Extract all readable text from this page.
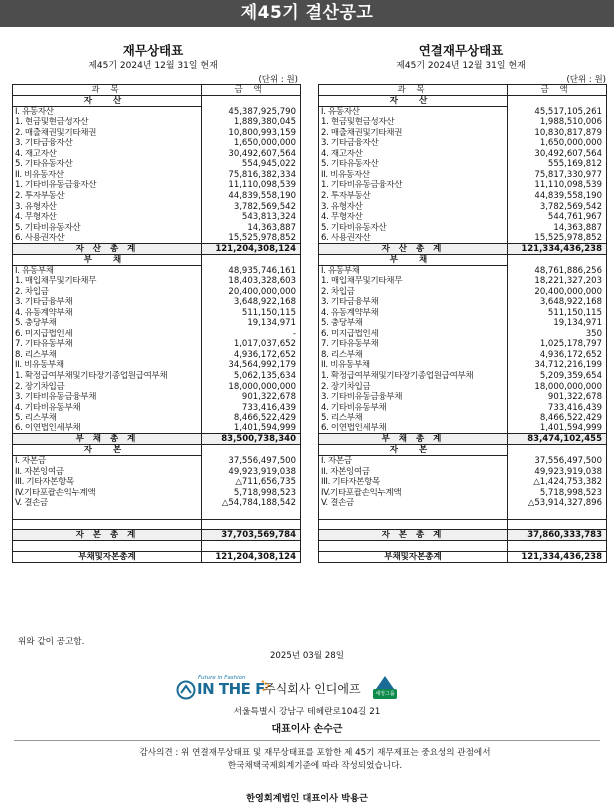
제45기 결산공고
재무상태표
제45기 2024년 12월 31일 현재
(단위 : 원)
과 목	금 액
자 산	
I. 유동자산	45,387,925,790
1. 현금및현금성자산	1,889,380,045
2. 매출채권및기타채권	10,800,993,159
3. 기타금융자산	1,650,000,000
4. 재고자산	30,492,607,564
5. 기타유동자산	554,945,022
II. 비유동자산	75,816,382,334
1. 기타비유동금융자산	11,110,098,539
2. 투자부동산	44,839,558,190
3. 유형자산	3,782,569,542
4. 무형자산	543,813,324
5. 기타비유동자산	14,363,887
6. 사용권자산	15,525,978,852
자 산 총 계	121,204,308,124
부 채	
I. 유동부채	48,935,746,161
1. 매입채무및기타채무	18,403,328,603
2. 차입금	20,400,000,000
3. 기타금융부채	3,648,922,168
4. 유동계약부채	511,150,115
5. 충당부채	19,134,971
6. 미지급법인세	-
7. 기타유동부채	1,017,037,652
8. 리스부채	4,936,172,652
II. 비유동부채	34,564,992,179
1. 확정급여부채및기타장기종업원급여부채	5,062,135,634
2. 장기차입금	18,000,000,000
3. 기타비유동금융부채	901,322,678
4. 기타비유동부채	733,416,439
5. 리스부채	8,466,522,429
6. 이연법인세부채	1,401,594,999
부 채 총 계	83,500,738,340
자 본	
I. 자본금	37,556,497,500
II. 자본잉여금	49,923,919,038
III. 기타자본항목	△711,656,735
IV.기타포괄손익누계액	5,718,998,523
V. 결손금	△54,784,188,542

자 본 총 계	37,703,569,784

부채및자본총계	121,204,308,124
연결재무상태표
제45기 2024년 12월 31일 현재
(단위 : 원)
과 목	금 액
자 산	
I. 유동자산	45,517,105,261
1. 현금및현금성자산	1,988,510,006
2. 매출채권및기타채권	10,830,817,879
3. 기타금융자산	1,650,000,000
4. 재고자산	30,492,607,564
5. 기타유동자산	555,169,812
II. 비유동자산	75,817,330,977
1. 기타비유동금융자산	11,110,098,539
2. 투자부동산	44,839,558,190
3. 유형자산	3,782,569,542
4. 무형자산	544,761,967
5. 기타비유동자산	14,363,887
6. 사용권자산	15,525,978,852
자 산 총 계	121,334,436,238
부 채	
I. 유동부채	48,761,886,256
1. 매입채무및기타채무	18,221,327,203
2. 차입금	20,400,000,000
3. 기타금융부채	3,648,922,168
4. 유동계약부채	511,150,115
5. 충당부채	19,134,971
6. 미지급법인세	350
7. 기타유동부채	1,025,178,797
8. 리스부채	4,936,172,652
II. 비유동부채	34,712,216,199
1. 확정급여부채및기타장기종업원급여부채	5,209,359,654
2. 장기차입금	18,000,000,000
3. 기타비유동금융부채	901,322,678
4. 기타비유동부채	733,416,439
5. 리스부채	8,466,522,429
6. 이연법인세부채	1,401,594,999
부 채 총 계	83,474,102,455
자 본	
I. 자본금	37,556,497,500
II. 자본잉여금	49,923,919,038
III. 기타자본항목	△1,424,753,382
IV.기타포괄손익누계액	5,718,998,523
V. 결손금	△53,914,327,896

자 본 총 계	37,860,333,783

부채및자본총계	121,334,436,238
위와 같이 공고함.
2025년 03월 28일
Future in Fashion
IN THE F 주식회사 인디에프	세정그룹
서울특별시 강남구 테헤란로104길 21
대표이사 손수근
감사의견 : 위 연결재무상태표 및 재무상태표를 포함한 제 45기 재무제표는 중요성의 관점에서
한국채택국제회계기준에 따라 작성되었습니다.
한영회계법인 대표이사 박용근
